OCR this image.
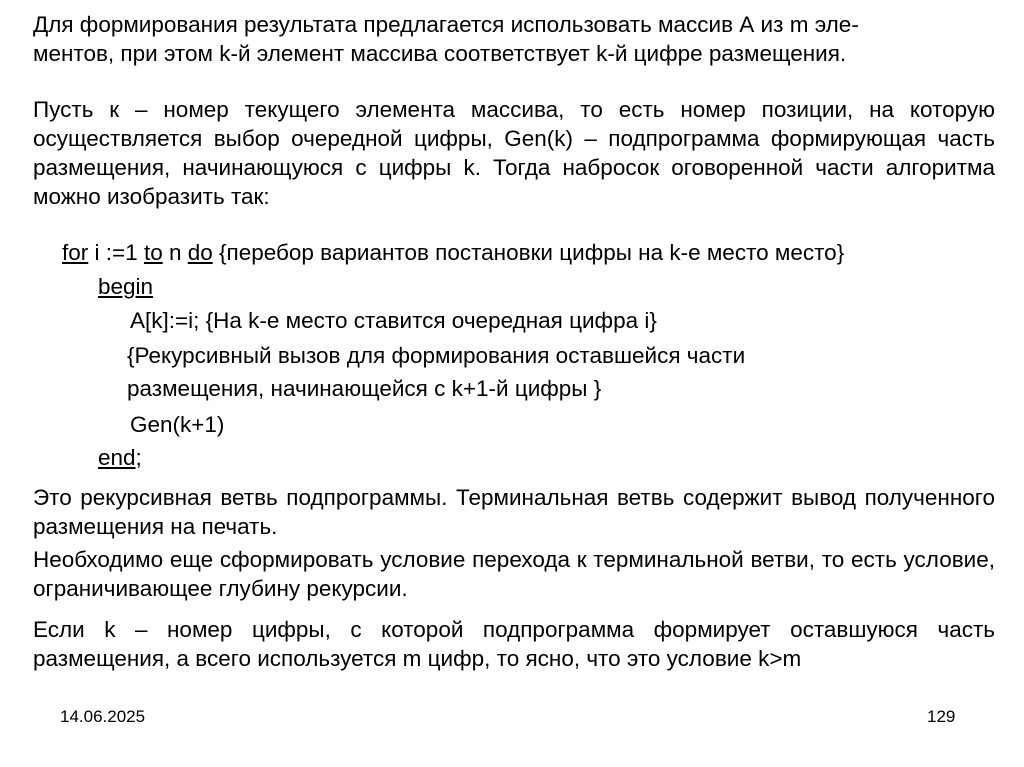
Для формирования результата предлагается использовать массив А из m эле-
ментов, при этом k-й элемент массива соответствует k-й цифре размещения.

Пусть к – номер текущего элемента массива, то есть номер позиции, на которую осуществляется выбор очередной цифры, Gen(k) – подпрограмма формирующая часть размещения, начинающуюся с цифры k. Тогда набросок оговоренной части алгоритма можно изобразить так:

for i :=1 to n do {перебор вариантов постановки цифры на k-е место место}
begin
A[k]:=i; {На k-е место ставится очередная цифра i}
{Рекурсивный вызов для формирования оставшейся части
размещения, начинающейся с k+1-й цифры }
Gen(k+1)
end;

Это рекурсивная ветвь подпрограммы. Терминальная ветвь содержит вывод полученного размещения на печать.

Необходимо еще сформировать условие перехода к терминальной ветви, то есть условие, ограничивающее глубину рекурсии.

Если k – номер цифры, с которой подпрограмма формирует оставшуюся часть размещения, а всего используется m цифр, то ясно, что это условие k>m

14.06.2025	129
